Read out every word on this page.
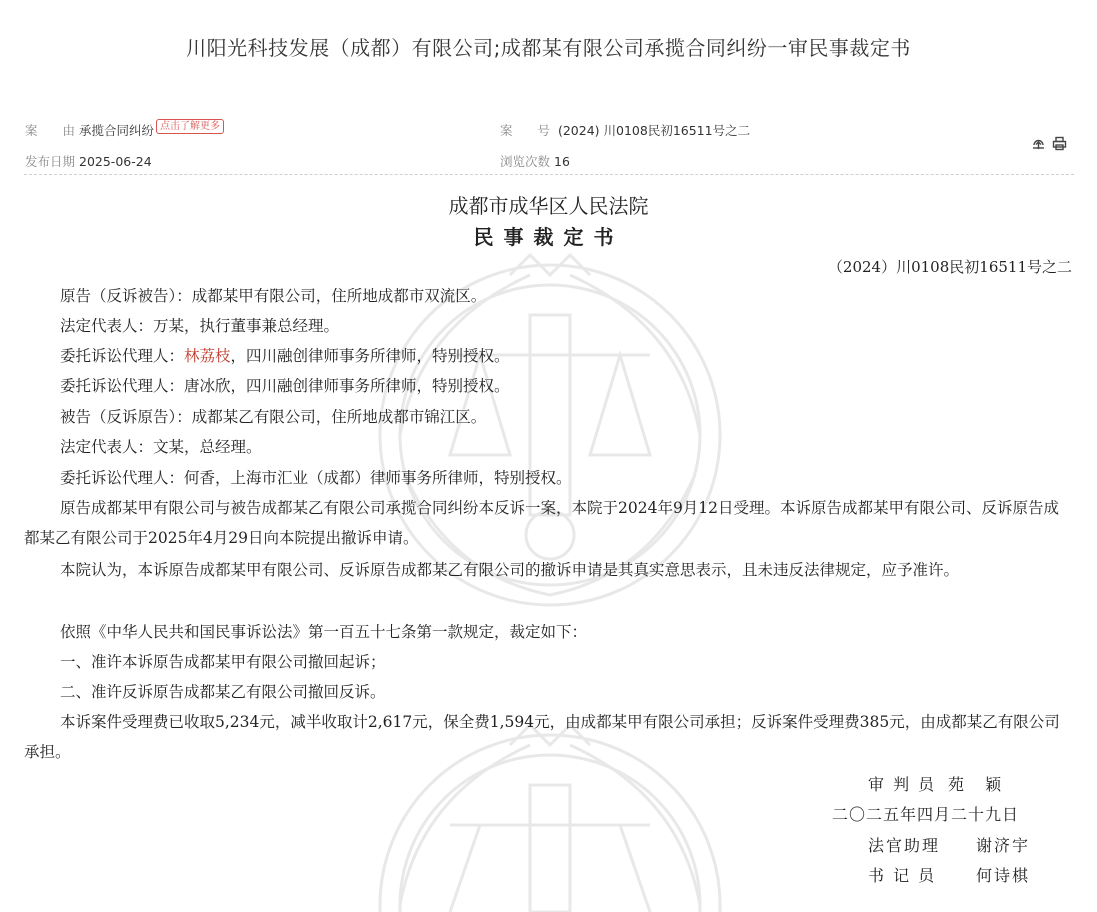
川阳光科技发展（成都）有限公司;成都某有限公司承揽合同纠纷一审民事裁定书
案　　由 承揽合同纠纷 点击了解更多	案　　号 (2024) 川0108民初16511号之二
发布日期 2025-06-24	浏览次数 16
成都市成华区人民法院
民事裁定书
（2024）川0108民初16511号之二
原告（反诉被告）：成都某甲有限公司，住所地成都市双流区。
法定代表人：万某，执行董事兼总经理。
委托诉讼代理人：林荔枝，四川融创律师事务所律师，特别授权。
委托诉讼代理人：唐冰欣，四川融创律师事务所律师，特别授权。
被告（反诉原告）：成都某乙有限公司，住所地成都市锦江区。
法定代表人：文某，总经理。
委托诉讼代理人：何香，上海市汇业（成都）律师事务所律师，特别授权。
原告成都某甲有限公司与被告成都某乙有限公司承揽合同纠纷本反诉一案，本院于2024年9月12日受理。本诉原告成都某甲有限公司、反诉原告成都某乙有限公司于2025年4月29日向本院提出撤诉申请。
本院认为，本诉原告成都某甲有限公司、反诉原告成都某乙有限公司的撤诉申请是其真实意思表示，且未违反法律规定，应予准许。
依照《中华人民共和国民事诉讼法》第一百五十七条第一款规定，裁定如下：
一、准许本诉原告成都某甲有限公司撤回起诉；
二、准许反诉原告成都某乙有限公司撤回反诉。
本诉案件受理费已收取5,234元，减半收取计2,617元，保全费1,594元，由成都某甲有限公司承担；反诉案件受理费385元，由成都某乙有限公司承担。
审 判 员 苑 颖
二〇二五年四月二十九日
法官助理 谢济宇
书 记 员 何诗棋
